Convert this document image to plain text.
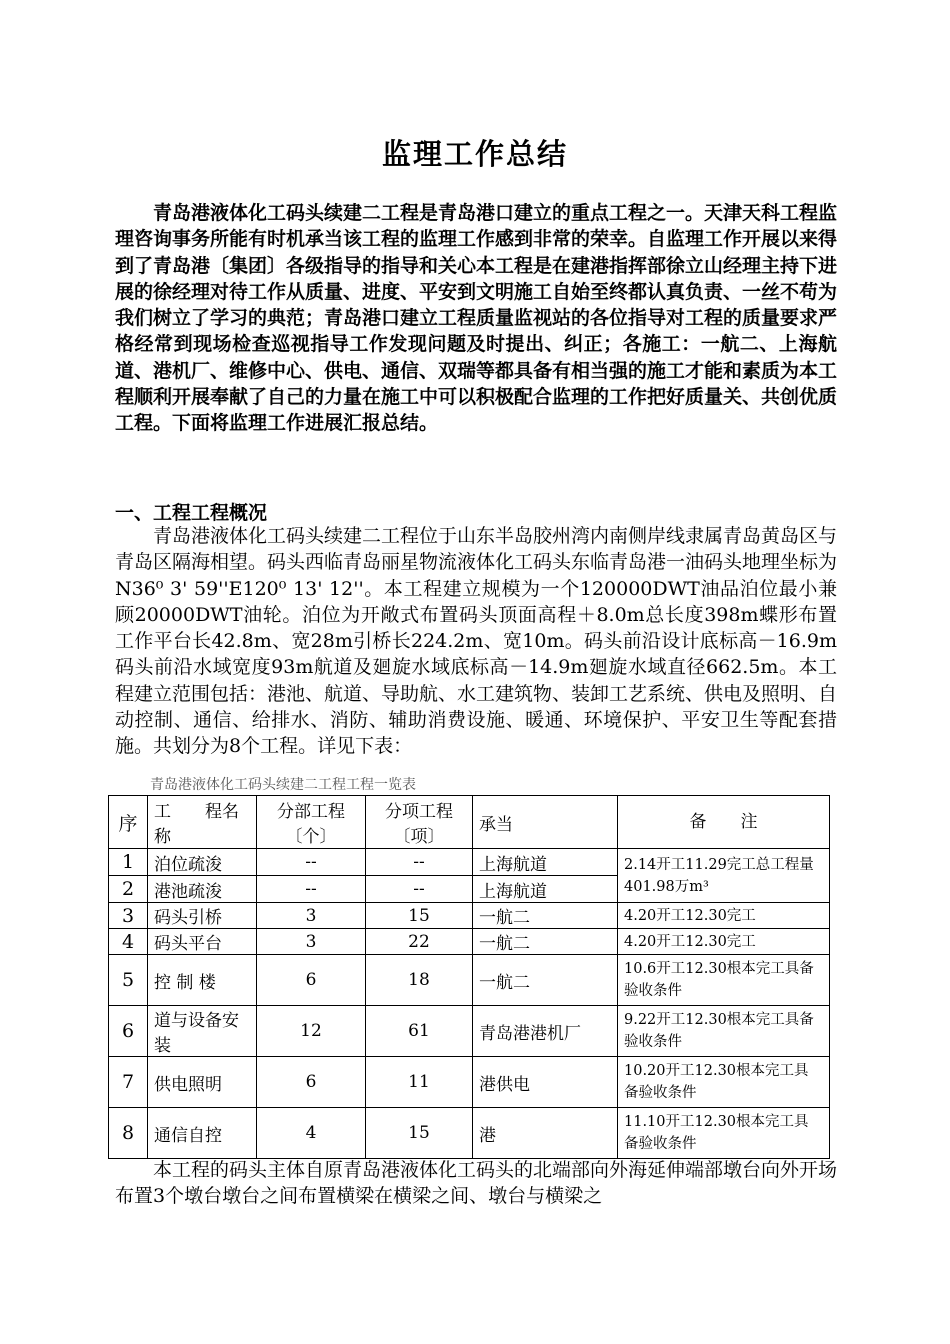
监理工作总结
　　青岛港液体化工码头续建二工程是青岛港口建立的重点工程之一。天津天科工程监理咨询事务所能有时机承当该工程的监理工作感到非常的荣幸。自监理工作开展以来得到了青岛港〔集团〕各级指导的指导和关心本工程是在建港指挥部徐立山经理主持下进展的徐经理对待工作从质量、进度、平安到文明施工自始至终都认真负责、一丝不苟为我们树立了学习的典范；青岛港口建立工程质量监视站的各位指导对工程的质量要求严格经常到现场检查巡视指导工作发现问题及时提出、纠正；各施工：一航二、上海航道、港机厂、维修中心、供电、通信、双瑞等都具备有相当强的施工才能和素质为本工程顺利开展奉献了自己的力量在施工中可以积极配合监理的工作把好质量关、共创优质工程。下面将监理工作进展汇报总结。
一、工程工程概况
　　青岛港液体化工码头续建二工程位于山东半岛胶州湾内南侧岸线隶属青岛黄岛区与青岛区隔海相望。码头西临青岛丽星物流液体化工码头东临青岛港一油码头地理坐标为N36⁰ 3' 59''E120⁰ 13' 12''。本工程建立规模为一个120000DWT油品泊位最小兼顾20000DWT油轮。泊位为开敞式布置码头顶面高程＋8.0m总长度398m蝶形布置工作平台长42.8m、宽28m引桥长224.2m、宽10m。码头前沿设计底标高－16.9m码头前沿水域宽度93m航道及廻旋水域底标高－14.9m廻旋水域直径662.5m。本工程建立范围包括：港池、航道、导助航、水工建筑物、装卸工艺系统、供电及照明、自动控制、通信、给排水、消防、辅助消费设施、暖通、环境保护、平安卫生等配套措施。共划分为8个工程。详见下表：
青岛港液体化工码头续建二工程工程一览表
序	工　　程名称	分部工程〔个〕	分项工程〔项〕	承当	备　　注
1	泊位疏浚	--	--	上海航道	2.14开工11.29完工总工程量401.98万m³
2	港池疏浚	--	--	上海航道	
3	码头引桥	3	15	一航二	4.20开工12.30完工
4	码头平台	3	22	一航二	4.20开工12.30完工
5	控 制 楼	6	18	一航二	10.6开工12.30根本完工具备验收条件
6	道与设备安装	12	61	青岛港港机厂	9.22开工12.30根本完工具备验收条件
7	供电照明	6	11	港供电	10.20开工12.30根本完工具备验收条件
8	通信自控	4	15	港	11.10开工12.30根本完工具备验收条件
　　本工程的码头主体自原青岛港液体化工码头的北端部向外海延伸端部墩台向外开场布置3个墩台墩台之间布置横梁在横梁之间、墩台与横梁之
